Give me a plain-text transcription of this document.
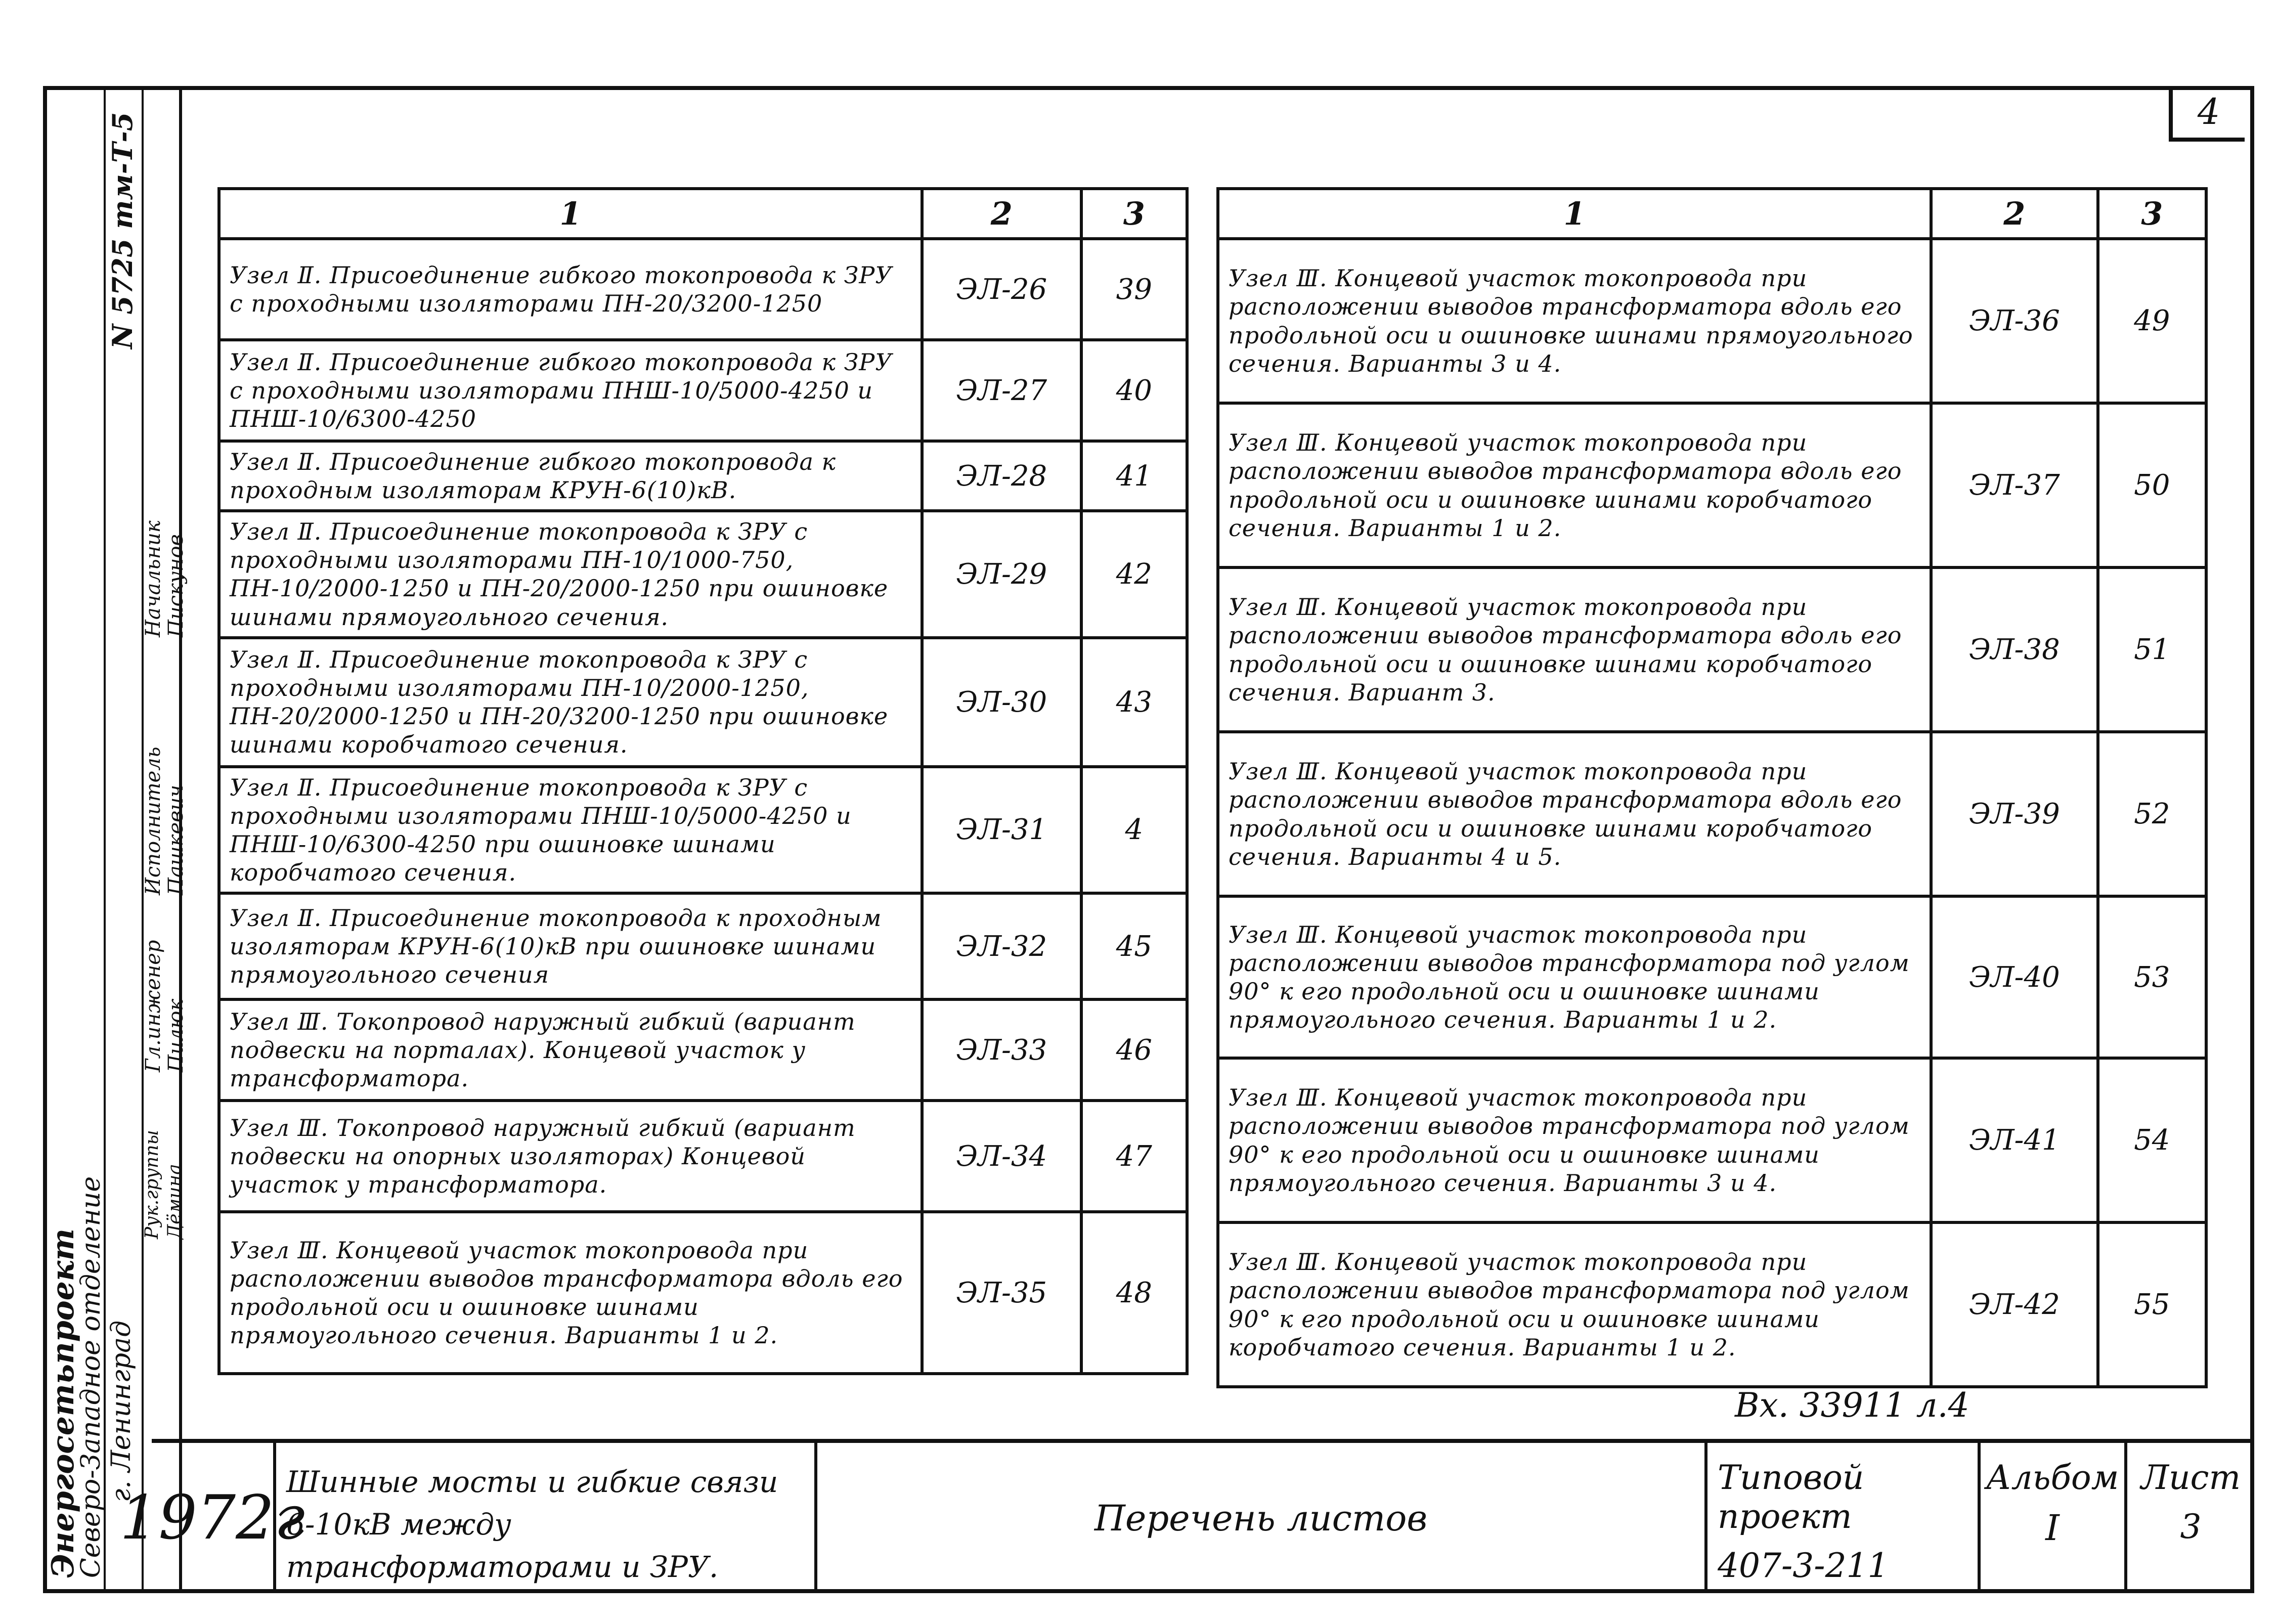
4
N 5725 тм-Т-5
Начальник Пискунов
Исполнитель Пашкевич
Гл.инженер Пилюк
Рук.группы Дёмина
Энергосетьпроект
Северо-Западное отделение г. Ленинград
1	2	3
Узел Ⅱ. Присоединение гибкого токопровода к ЗРУ с проходными изоляторами ПН-20/3200-1250	ЭЛ-26	39
Узел Ⅱ. Присоединение гибкого токопровода к ЗРУ с проходными изоляторами ПНШ-10/5000-4250 и ПНШ-10/6300-4250	ЭЛ-27	40
Узел Ⅱ. Присоединение гибкого токопровода к проходным изоляторам КРУН-6(10)кВ.	ЭЛ-28	41
Узел Ⅱ. Присоединение токопровода к ЗРУ с проходными изоляторами ПН-10/1000-750, ПН-10/2000-1250 и ПН-20/2000-1250 при ошиновке шинами прямоугольного сечения.	ЭЛ-29	42
Узел Ⅱ. Присоединение токопровода к ЗРУ с проходными изоляторами ПН-10/2000-1250, ПН-20/2000-1250 и ПН-20/3200-1250 при ошиновке шинами коробчатого сечения.	ЭЛ-30	43
Узел Ⅱ. Присоединение токопровода к ЗРУ с проходными изоляторами ПНШ-10/5000-4250 и ПНШ-10/6300-4250 при ошиновке шинами коробчатого сечения.	ЭЛ-31	4
Узел Ⅱ. Присоединение токопровода к проходным изоляторам КРУН-6(10)кВ при ошиновке шинами прямоугольного сечения	ЭЛ-32	45
Узел Ⅲ. Токопровод наружный гибкий (вариант подвески на порталах). Концевой участок у трансформатора.	ЭЛ-33	46
Узел Ⅲ. Токопровод наружный гибкий (вариант подвески на опорных изоляторах) Концевой участок у трансформатора.	ЭЛ-34	47
Узел Ⅲ. Концевой участок токопровода при расположении выводов трансформатора вдоль его продольной оси и ошиновке шинами прямоугольного сечения. Варианты 1 и 2.	ЭЛ-35	48
1	2	3
Узел Ⅲ. Концевой участок токопровода при расположении выводов трансформатора вдоль его продольной оси и ошиновке шинами прямоугольного сечения. Варианты 3 и 4.	ЭЛ-36	49
Узел Ⅲ. Концевой участок токопровода при расположении выводов трансформатора вдоль его продольной оси и ошиновке шинами коробчатого сечения. Варианты 1 и 2.	ЭЛ-37	50
Узел Ⅲ. Концевой участок токопровода при расположении выводов трансформатора вдоль его продольной оси и ошиновке шинами коробчатого сечения. Вариант 3.	ЭЛ-38	51
Узел Ⅲ. Концевой участок токопровода при расположении выводов трансформатора вдоль его продольной оси и ошиновке шинами коробчатого сечения. Варианты 4 и 5.	ЭЛ-39	52
Узел Ⅲ. Концевой участок токопровода при расположении выводов трансформатора под углом 90° к его продольной оси и ошиновке шинами прямоугольного сечения. Варианты 1 и 2.	ЭЛ-40	53
Узел Ⅲ. Концевой участок токопровода при расположении выводов трансформатора под углом 90° к его продольной оси и ошиновке шинами прямоугольного сечения. Варианты 3 и 4.	ЭЛ-41	54
Узел Ⅲ. Концевой участок токопровода при расположении выводов трансформатора под углом 90° к его продольной оси и ошиновке шинами коробчатого сечения. Варианты 1 и 2.	ЭЛ-42	55
Вх. 33911 л.4
1972г
Шинные мосты и гибкие связи 6-10кВ между трансформаторами и ЗРУ.
Перечень листов
Типовой проект
407-3-211
Альбом
I
Лист
3
